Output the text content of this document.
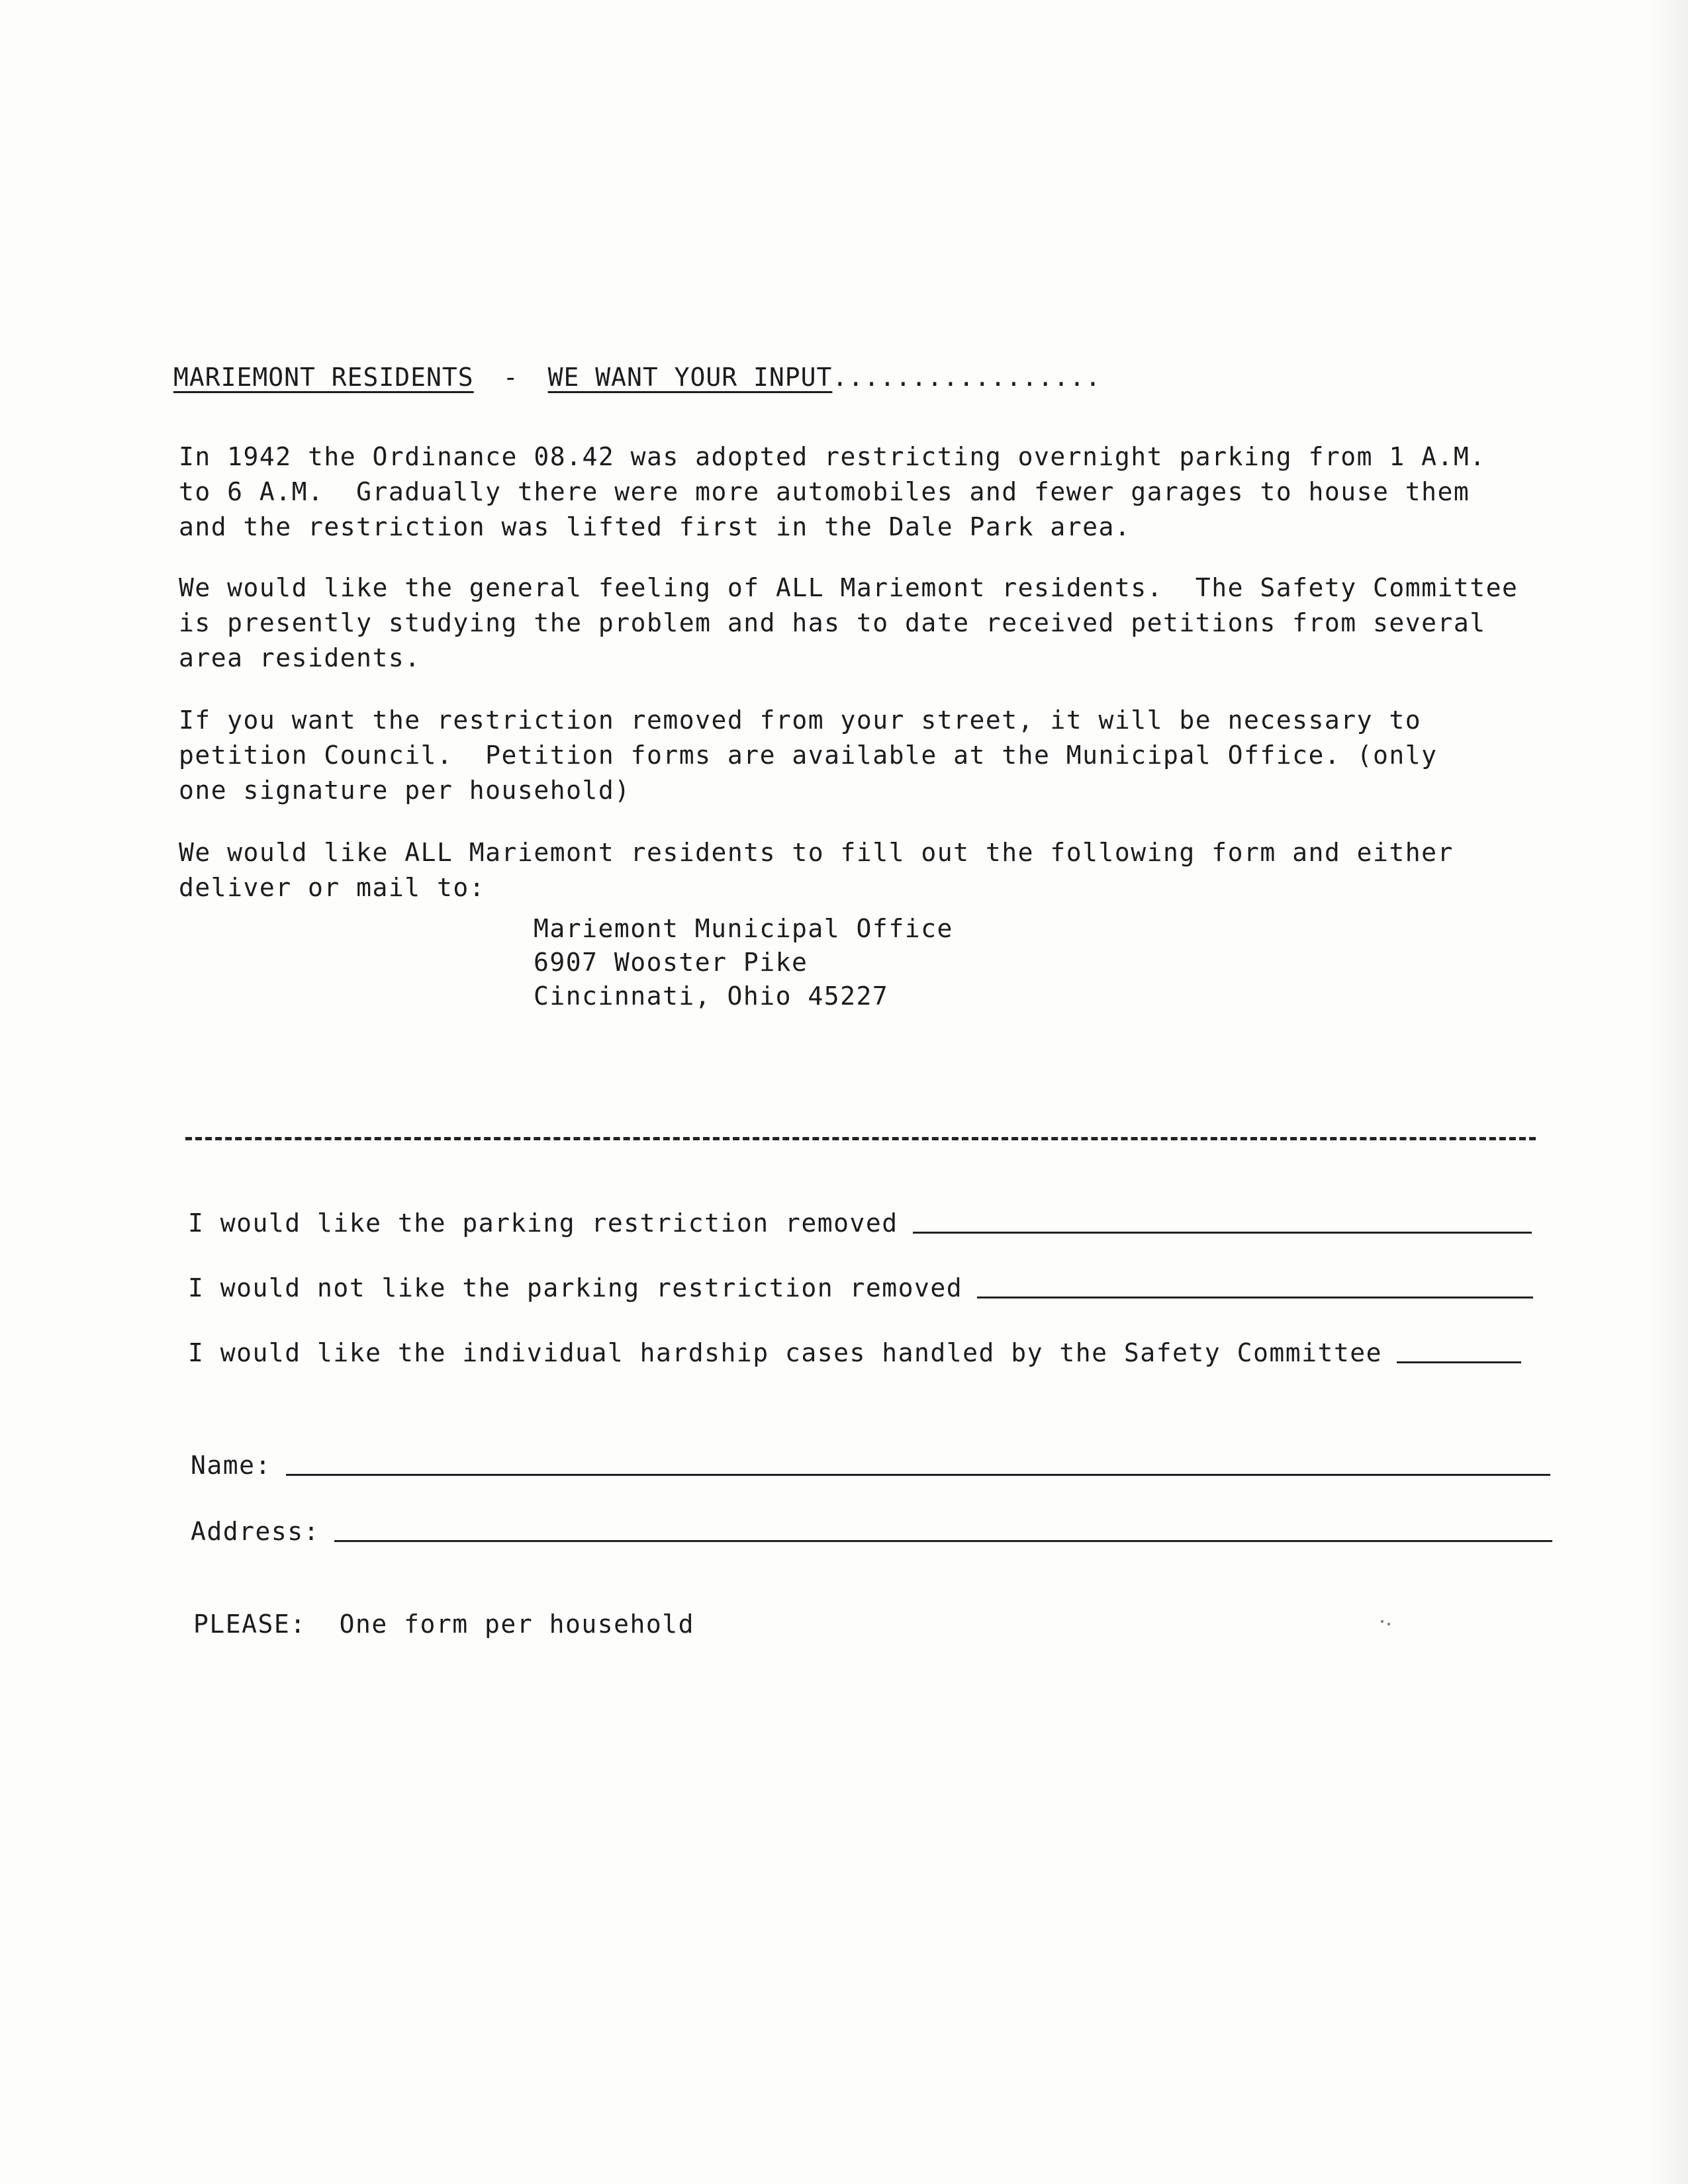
MARIEMONT RESIDENTS - WE WANT YOUR INPUT.................
In 1942 the Ordinance 08.42 was adopted restricting overnight parking from 1 A.M.
to 6 A.M.  Gradually there were more automobiles and fewer garages to house them
and the restriction was lifted first in the Dale Park area.
We would like the general feeling of ALL Mariemont residents.  The Safety Committee
is presently studying the problem and has to date received petitions from several
area residents.
If you want the restriction removed from your street, it will be necessary to
petition Council.  Petition forms are available at the Municipal Office. (only
one signature per household)
We would like ALL Mariemont residents to fill out the following form and either
deliver or mail to:
Mariemont Municipal Office
6907 Wooster Pike
Cincinnati, Ohio 45227
I would like the parking restriction removed
I would not like the parking restriction removed
I would like the individual hardship cases handled by the Safety Committee
Name:
Address:
PLEASE: One form per household
